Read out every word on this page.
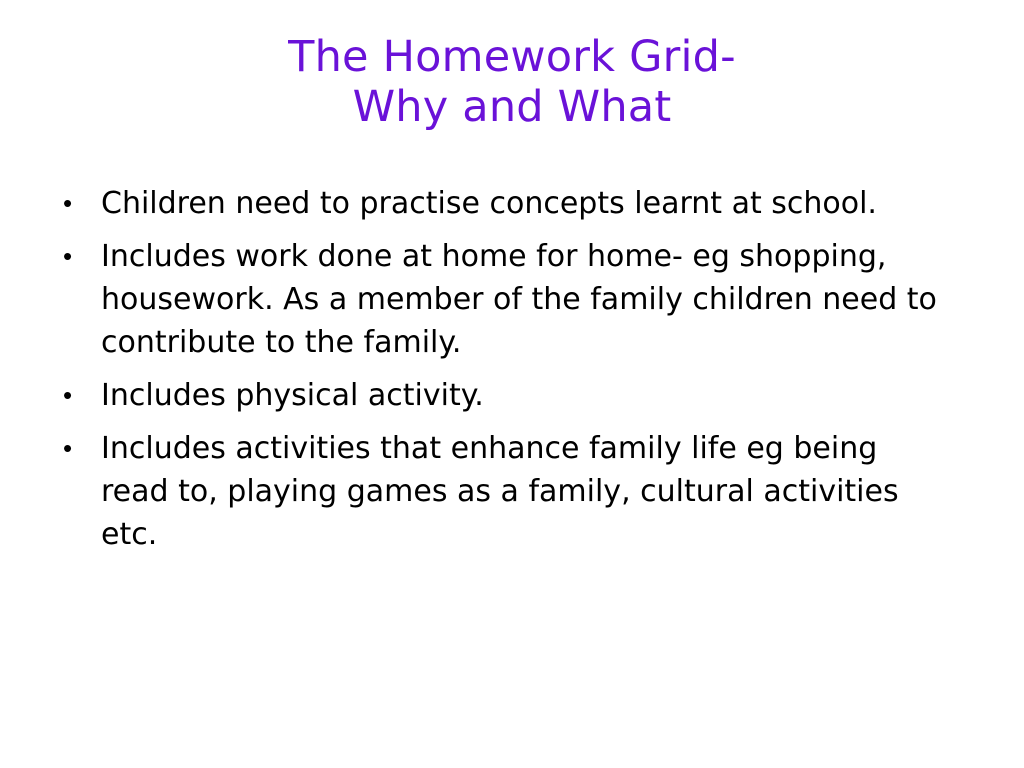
The Homework Grid-
Why and What
• Children need to practise concepts learnt at school.
• Includes work done at home for home- eg shopping, housework. As a member of the family children need to contribute to the family.
• Includes physical activity.
• Includes activities that enhance family life eg being read to, playing games as a family, cultural activities etc.
